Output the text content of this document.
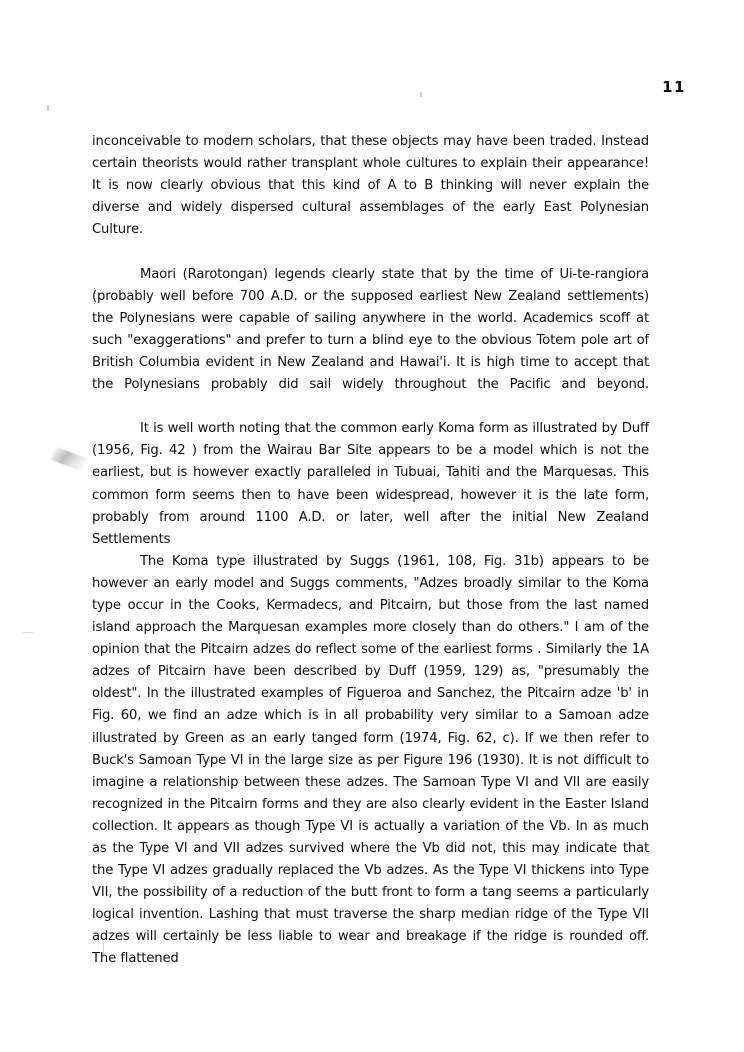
11

inconceivable to modern scholars, that these objects may have been traded. Instead certain theorists would rather transplant whole cultures to explain their appearance! It is now clearly obvious that this kind of A to B thinking will never explain the diverse and widely dispersed cultural assemblages of the early East Polynesian Culture.

Maori (Rarotongan) legends clearly state that by the time of Ui-te-rangiora (probably well before 700 A.D. or the supposed earliest New Zealand settlements) the Polynesians were capable of sailing anywhere in the world. Academics scoff at such "exaggerations" and prefer to turn a blind eye to the obvious Totem pole art of British Columbia evident in New Zealand and Hawai'i. It is high time to accept that the Polynesians probably did sail widely throughout the Pacific and beyond.

It is well worth noting that the common early Koma form as illustrated by Duff (1956, Fig. 42 ) from the Wairau Bar Site appears to be a model which is not the earliest, but is however exactly paralleled in Tubuai, Tahiti and the Marquesas. This common form seems then to have been widespread, however it is the late form, probably from around 1100 A.D. or later, well after the initial New Zealand Settlements

The Koma type illustrated by Suggs (1961, 108, Fig. 31b) appears to be however an early model and Suggs comments, "Adzes broadly similar to the Koma type occur in the Cooks, Kermadecs, and Pitcairn, but those from the last named island approach the Marquesan examples more closely than do others." I am of the opinion that the Pitcairn adzes do reflect some of the earliest forms . Similarly the 1A adzes of Pitcairn have been described by Duff (1959, 129) as, "presumably the oldest". In the illustrated examples of Figueroa and Sanchez, the Pitcairn adze 'b' in Fig. 60, we find an adze which is in all probability very similar to a Samoan adze illustrated by Green as an early tanged form (1974, Fig. 62, c). If we then refer to Buck's Samoan Type VI in the large size as per Figure 196 (1930). It is not difficult to imagine a relationship between these adzes. The Samoan Type VI and VII are easily recognized in the Pitcairn forms and they are also clearly evident in the Easter Island collection. It appears as though Type VI is actually a variation of the Vb. In as much as the Type VI and VII adzes survived where the Vb did not, this may indicate that the Type VI adzes gradually replaced the Vb adzes. As the Type VI thickens into Type VII, the possibility of a reduction of the butt front to form a tang seems a particularly logical invention. Lashing that must traverse the sharp median ridge of the Type VII adzes will certainly be less liable to wear and breakage if the ridge is rounded off. The flattened
